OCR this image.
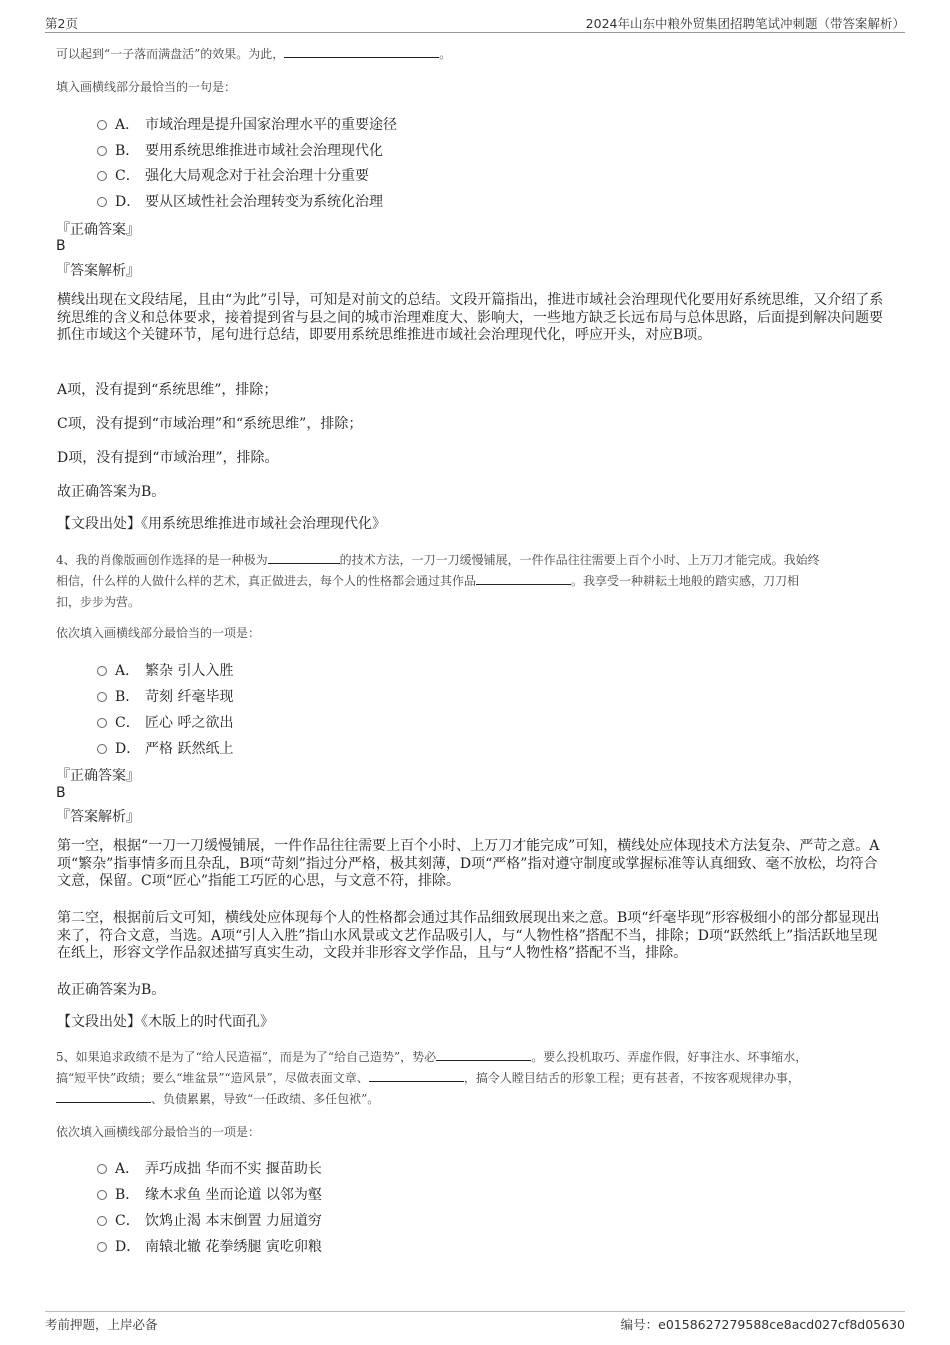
第2页	2024年山东中粮外贸集团招聘笔试冲刺题（带答案解析）
可以起到“一子落而满盘活”的效果。为此，	。
填入画横线部分最恰当的一句是：
A． 市域治理是提升国家治理水平的重要途径
B． 要用系统思维推进市域社会治理现代化
C． 强化大局观念对于社会治理十分重要
D． 要从区域性社会治理转变为系统化治理
『正确答案』
B
『答案解析』
横线出现在文段结尾，且由“为此”引导，可知是对前文的总结。文段开篇指出，推进市域社会治理现代化要用好系统思维，又介绍了系统思维的含义和总体要求，接着提到省与县之间的城市治理难度大、影响大，一些地方缺乏长远布局与总体思路，后面提到解决问题要抓住市域这个关键环节，尾句进行总结，即要用系统思维推进市域社会治理现代化，呼应开头，对应B项。
A项，没有提到“系统思维”，排除；
C项，没有提到“市域治理”和“系统思维”，排除；
D项，没有提到“市域治理”，排除。
故正确答案为B。
【文段出处】《用系统思维推进市域社会治理现代化》
4、我的肖像版画创作选择的是一种极为	的技术方法，一刀一刀缓慢铺展，一件作品往往需要上百个小时、上万刀才能完成。我始终
相信，什么样的人做什么样的艺术，真正做进去，每个人的性格都会通过其作品	。我享受一种耕耘土地般的踏实感，刀刀相
扣，步步为营。
依次填入画横线部分最恰当的一项是：
A． 繁杂 引人入胜
B． 苛刻 纤毫毕现
C． 匠心 呼之欲出
D． 严格 跃然纸上
『正确答案』
B
『答案解析』
第一空，根据“一刀一刀缓慢铺展，一件作品往往需要上百个小时、上万刀才能完成”可知，横线处应体现技术方法复杂、严苛之意。A项“繁杂”指事情多而且杂乱，B项“苛刻”指过分严格，极其刻薄，D项“严格”指对遵守制度或掌握标准等认真细致、毫不放松，均符合文意，保留。C项“匠心”指能工巧匠的心思，与文意不符，排除。
第二空，根据前后文可知，横线处应体现每个人的性格都会通过其作品细致展现出来之意。B项“纤毫毕现”形容极细小的部分都显现出来了，符合文意，当选。A项“引人入胜”指山水风景或文艺作品吸引人，与“人物性格”搭配不当，排除；D项“跃然纸上”指活跃地呈现在纸上，形容文学作品叙述描写真实生动，文段并非形容文学作品，且与“人物性格”搭配不当，排除。
故正确答案为B。
【文段出处】《木版上的时代面孔》
5、如果追求政绩不是为了“给人民造福”，而是为了“给自己造势”，势必	。要么投机取巧、弄虚作假，好事注水、坏事缩水，
搞“短平快”政绩；要么“堆盆景”“造风景”，尽做表面文章、	，搞令人瞠目结舌的形象工程；更有甚者，不按客观规律办事，
、负债累累，导致“一任政绩、多任包袱”。
依次填入画横线部分最恰当的一项是：
A． 弄巧成拙 华而不实 揠苗助长
B． 缘木求鱼 坐而论道 以邻为壑
C． 饮鸩止渴 本末倒置 力屈道穷
D． 南辕北辙 花拳绣腿 寅吃卯粮
考前押题，上岸必备	编号：e0158627279588ce8acd027cf8d05630
